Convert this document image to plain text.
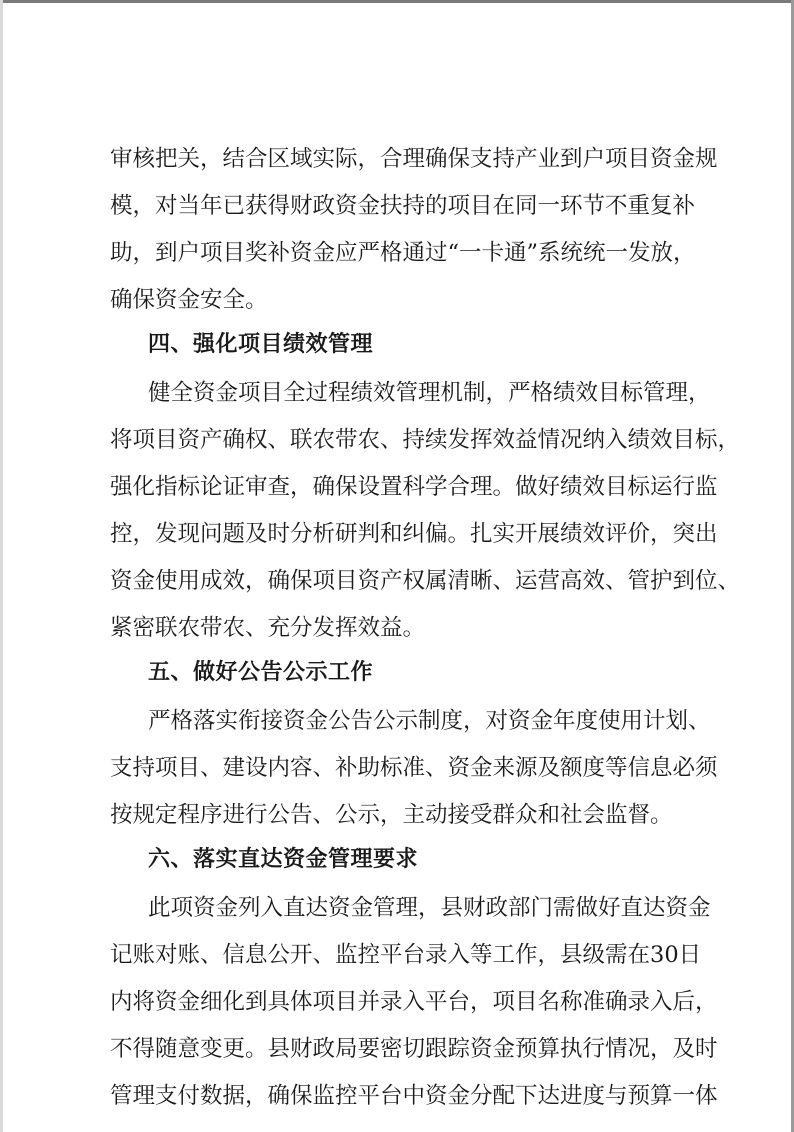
审核把关，结合区域实际，合理确保支持产业到户项目资金规
模，对当年已获得财政资金扶持的项目在同一环节不重复补
助，到户项目奖补资金应严格通过“一卡通”系统统一发放，
确保资金安全。
四、强化项目绩效管理
健全资金项目全过程绩效管理机制，严格绩效目标管理，
将项目资产确权、联农带农、持续发挥效益情况纳入绩效目标，
强化指标论证审查，确保设置科学合理。做好绩效目标运行监
控，发现问题及时分析研判和纠偏。扎实开展绩效评价，突出
资金使用成效，确保项目资产权属清晰、运营高效、管护到位、
紧密联农带农、充分发挥效益。
五、做好公告公示工作
严格落实衔接资金公告公示制度，对资金年度使用计划、
支持项目、建设内容、补助标准、资金来源及额度等信息必须
按规定程序进行公告、公示，主动接受群众和社会监督。
六、落实直达资金管理要求
此项资金列入直达资金管理，县财政部门需做好直达资金
记账对账、信息公开、监控平台录入等工作，县级需在30日
内将资金细化到具体项目并录入平台，项目名称准确录入后，
不得随意变更。县财政局要密切跟踪资金预算执行情况，及时
管理支付数据，确保监控平台中资金分配下达进度与预算一体
